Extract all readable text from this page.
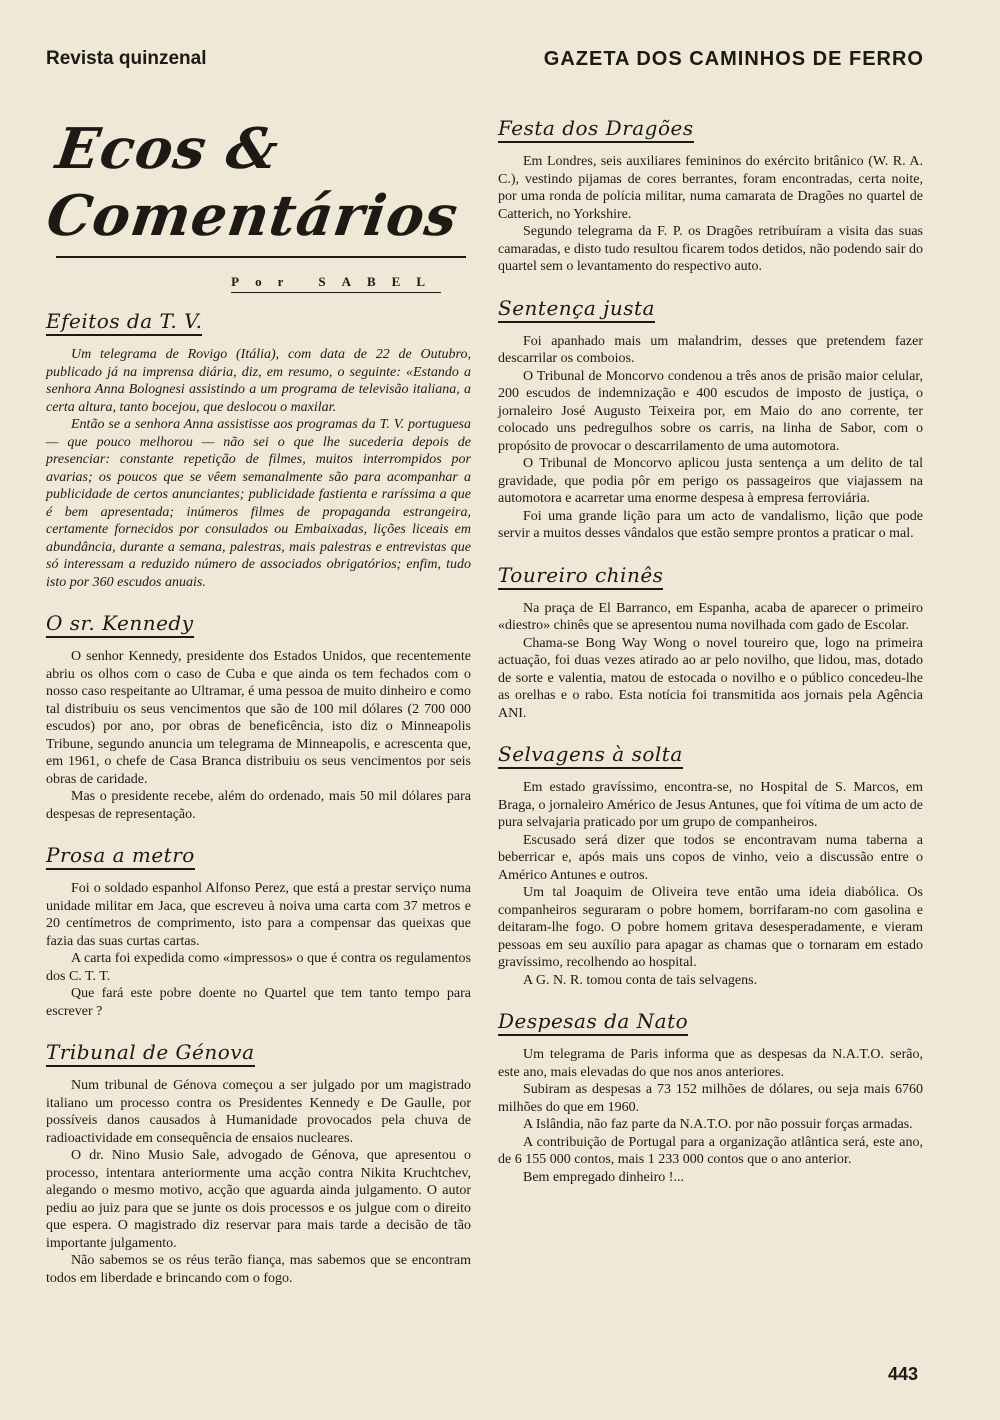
Revista quinzenal	GAZETA DOS CAMINHOS DE FERRO
Ecos & Comentários
Por SABEL
Efeitos da T. V.

Um telegrama de Rovigo (Itália), com data de 22 de Outubro, publicado já na imprensa diária, diz, em resumo, o seguinte: «Estando a senhora Anna Bolognesi assistindo a um programa de televisão italiana, a certa altura, tanto bocejou, que deslocou o maxilar.

Então se a senhora Anna assistisse aos programas da T. V. portuguesa — que pouco melhorou — não sei o que lhe sucederia depois de presenciar: constante repetição de filmes, muitos interrompidos por avarias; os poucos que se vêem semanalmente são para acompanhar a publicidade de certos anunciantes; publicidade fastienta e raríssima a que é bem apresentada; inúmeros filmes de propaganda estrangeira, certamente fornecidos por consulados ou Embaixadas, lições liceais em abundância, durante a semana, palestras, mais palestras e entrevistas que só interessam a reduzido número de associados obrigatórios; enfim, tudo isto por 360 escudos anuais.

O sr. Kennedy

O senhor Kennedy, presidente dos Estados Unidos, que recentemente abriu os olhos com o caso de Cuba e que ainda os tem fechados com o nosso caso respeitante ao Ultramar, é uma pessoa de muito dinheiro e como tal distribuiu os seus vencimentos que são de 100 mil dólares (2 700 000 escudos) por ano, por obras de beneficência, isto diz o Minneapolis Tribune, segundo anuncia um telegrama de Minneapolis, e acrescenta que, em 1961, o chefe de Casa Branca distribuiu os seus vencimentos por seis obras de caridade.

Mas o presidente recebe, além do ordenado, mais 50 mil dólares para despesas de representação.

Prosa a metro

Foi o soldado espanhol Alfonso Perez, que está a prestar serviço numa unidade militar em Jaca, que escreveu à noiva uma carta com 37 metros e 20 centímetros de comprimento, isto para a compensar das queixas que fazia das suas curtas cartas.

A carta foi expedida como «impressos» o que é contra os regulamentos dos C. T. T.

Que fará este pobre doente no Quartel que tem tanto tempo para escrever ?

Tribunal de Génova

Num tribunal de Génova começou a ser julgado por um magistrado italiano um processo contra os Presidentes Kennedy e De Gaulle, por possíveis danos causados à Humanidade provocados pela chuva de radioactividade em consequência de ensaios nucleares.

O dr. Nino Musio Sale, advogado de Génova, que apresentou o processo, intentara anteriormente uma acção contra Nikita Kruchtchev, alegando o mesmo motivo, acção que aguarda ainda julgamento. O autor pediu ao juiz para que se junte os dois processos e os julgue com o direito que espera. O magistrado diz reservar para mais tarde a decisão de tão importante julgamento.

Não sabemos se os réus terão fiança, mas sabemos que se encontram todos em liberdade e brincando com o fogo.

Festa dos Dragões

Em Londres, seis auxiliares femininos do exército britânico (W. R. A. C.), vestindo pijamas de cores berrantes, foram encontradas, certa noite, por uma ronda de polícia militar, numa camarata de Dragões no quartel de Catterich, no Yorkshire.

Segundo telegrama da F. P. os Dragões retribuíram a visita das suas camaradas, e disto tudo resultou ficarem todos detidos, não podendo sair do quartel sem o levantamento do respectivo auto.

Sentença justa

Foi apanhado mais um malandrim, desses que pretendem fazer descarrilar os comboios.

O Tribunal de Moncorvo condenou a três anos de prisão maior celular, 200 escudos de indemnização e 400 escudos de imposto de justiça, o jornaleiro José Augusto Teixeira por, em Maio do ano corrente, ter colocado uns pedregulhos sobre os carris, na linha de Sabor, com o propósito de provocar o descarrilamento de uma automotora.

O Tribunal de Moncorvo aplicou justa sentença a um delito de tal gravidade, que podia pôr em perigo os passageiros que viajassem na automotora e acarretar uma enorme despesa à empresa ferroviária.

Foi uma grande lição para um acto de vandalismo, lição que pode servir a muitos desses vândalos que estão sempre prontos a praticar o mal.

Toureiro chinês

Na praça de El Barranco, em Espanha, acaba de aparecer o primeiro «diestro» chinês que se apresentou numa novilhada com gado de Escolar.

Chama-se Bong Way Wong o novel toureiro que, logo na primeira actuação, foi duas vezes atirado ao ar pelo novilho, que lidou, mas, dotado de sorte e valentia, matou de estocada o novilho e o público concedeu-lhe as orelhas e o rabo. Esta notícia foi transmitida aos jornais pela Agência ANI.

Selvagens à solta

Em estado gravíssimo, encontra-se, no Hospital de S. Marcos, em Braga, o jornaleiro Américo de Jesus Antunes, que foi vítima de um acto de pura selvajaria praticado por um grupo de companheiros.

Escusado será dizer que todos se encontravam numa taberna a beberricar e, após mais uns copos de vinho, veio a discussão entre o Américo Antunes e outros.

Um tal Joaquim de Oliveira teve então uma ideia diabólica. Os companheiros seguraram o pobre homem, borrifaram-no com gasolina e deitaram-lhe fogo. O pobre homem gritava desesperadamente, e vieram pessoas em seu auxílio para apagar as chamas que o tornaram em estado gravíssimo, recolhendo ao hospital.

A G. N. R. tomou conta de tais selvagens.

Despesas da Nato

Um telegrama de Paris informa que as despesas da N.A.T.O. serão, este ano, mais elevadas do que nos anos anteriores.

Subiram as despesas a 73 152 milhões de dólares, ou seja mais 6760 milhões do que em 1960.

A Islândia, não faz parte da N.A.T.O. por não possuir forças armadas.

A contribuição de Portugal para a organização atlântica será, este ano, de 6 155 000 contos, mais 1 233 000 contos que o ano anterior.

Bem empregado dinheiro !...

443
